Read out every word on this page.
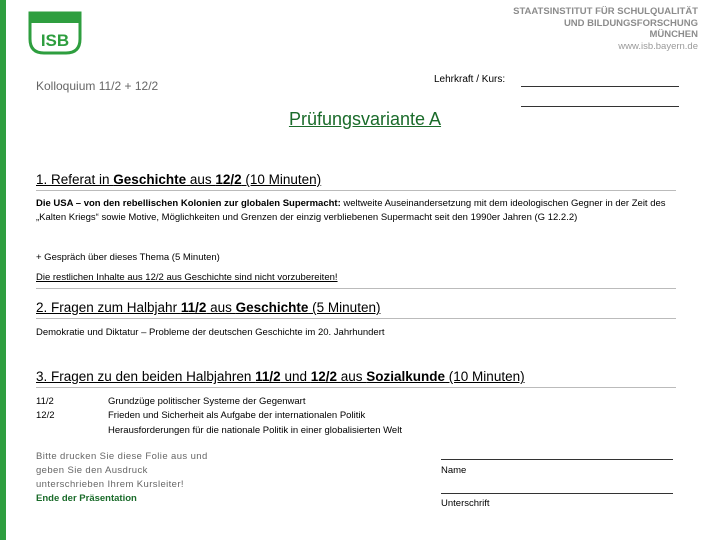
ISB
STAATSINSTITUT FÜR SCHULQUALITÄT
UND BILDUNGSFORSCHUNG
MÜNCHEN
www.isb.bayern.de
Kolloquium 11/2 + 12/2	Lehrkraft / Kurs:
Prüfungsvariante A
1. Referat in Geschichte aus 12/2 (10 Minuten)
Die USA – von den rebellischen Kolonien zur globalen Supermacht: weltweite Auseinandersetzung mit dem ideologischen Gegner in der Zeit des „Kalten Kriegs“ sowie Motive, Möglichkeiten und Grenzen der einzig verbliebenen Supermacht seit den 1990er Jahren (G 12.2.2)
+ Gespräch über dieses Thema (5 Minuten)
Die restlichen Inhalte aus 12/2 aus Geschichte sind nicht vorzubereiten!
2. Fragen zum Halbjahr 11/2 aus Geschichte (5 Minuten)
Demokratie und Diktatur – Probleme der deutschen Geschichte im 20. Jahrhundert
3. Fragen zu den beiden Halbjahren 11/2 und 12/2 aus Sozialkunde (10 Minuten)
11/2	Grundzüge politischer Systeme der Gegenwart
12/2	Frieden und Sicherheit als Aufgabe der internationalen Politik
Herausforderungen für die nationale Politik in einer globalisierten Welt
Bitte drucken Sie diese Folie aus und
geben Sie den Ausdruck
unterschrieben Ihrem Kursleiter!
Ende der Präsentation
Name
Unterschrift
